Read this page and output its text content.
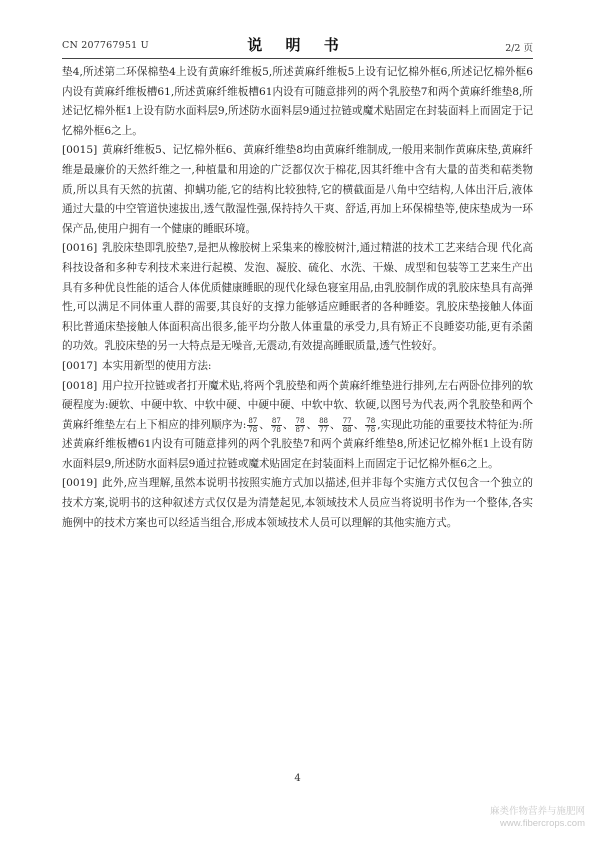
CN 207767951 U	说 明 书	2/2 页

垫4,所述第二环保棉垫4上设有黄麻纤维板5,所述黄麻纤维板5上设有记忆棉外框6,所述记忆棉外框6内设有黄麻纤维板槽61,所述黄麻纤维板槽61内设有可随意排列的两个乳胶垫7和两个黄麻纤维垫8,所述记忆棉外框1上设有防水面料层9,所述防水面料层9通过拉链或魔术贴固定在封装面料上而固定于记忆棉外框6之上。

[0015] 黄麻纤维板5、记忆棉外框6、黄麻纤维垫8均由黄麻纤维制成,一般用来制作黄麻床垫,黄麻纤维是最廉价的天然纤维之一,种植量和用途的广泛都仅次于棉花,因其纤维中含有大量的苗类和萜类物质,所以具有天然的抗菌、抑螨功能,它的结构比较独特,它的横截面是八角中空结构,人体出汗后,液体通过大量的中空管道快速拔出,透气散湿性强,保持持久干爽、舒适,再加上环保棉垫等,使床垫成为一环保产品,使用户拥有一个健康的睡眠环境。

[0016] 乳胶床垫即乳胶垫7,是把从橡胶树上采集来的橡胶树汁,通过精湛的技术工艺来结合现 代化高科技设备和多种专利技术来进行起模、发泡、凝胶、硫化、水洗、干燥、成型和包装等工艺来生产出具有多种优良性能的适合人体优质健康睡眠的现代化绿色寝室用品,由乳胶制作成的乳胶床垫具有高弹性,可以满足不同体重人群的需要,其良好的支撑力能够适应睡眠者的各种睡姿。乳胶床垫接触人体面积比普通床垫接触人体面积高出很多,能平均分散人体重量的承受力,具有矫正不良睡姿功能,更有杀菌的功效。乳胶床垫的另一大特点是无噪音,无震动,有效提高睡眠质量,透气性较好。

[0017] 本实用新型的使用方法:

[0018] 用户拉开拉链或者打开魔术贴,将两个乳胶垫和两个黄麻纤维垫进行排列,左右两卧位排列的软硬程度为:硬软、中硬中软、中软中硬、中硬中硬、中软中软、软硬,以图号为代表,两个乳胶垫和两个黄麻纤维垫左右上下相应的排列顺序为: $\frac{87}{78}$ 、 $\frac{87}{78}$ 、 $\frac{78}{87}$ 、 $\frac{88}{77}$ 、 $\frac{77}{88}$ 、 $\frac{78}{78}$ ,实现此功能的重要技术特征为:所述黄麻纤维板槽61内设有可随意排列的两个乳胶垫7和两个黄麻纤维垫8,所述记忆棉外框1上设有防水面料层9,所述防水面料层9通过拉链或魔术贴固定在封装面料上而固定于记忆棉外框6之上。

[0019] 此外,应当理解,虽然本说明书按照实施方式加以描述,但并非每个实施方式仅包含一个独立的技术方案,说明书的这种叙述方式仅仅是为清楚起见,本领域技术人员应当将说明书作为一个整体,各实施例中的技术方案也可以经适当组合,形成本领域技术人员可以理解的其他实施方式。

4
麻类作物营养与施肥网
www.fibercrops.com
